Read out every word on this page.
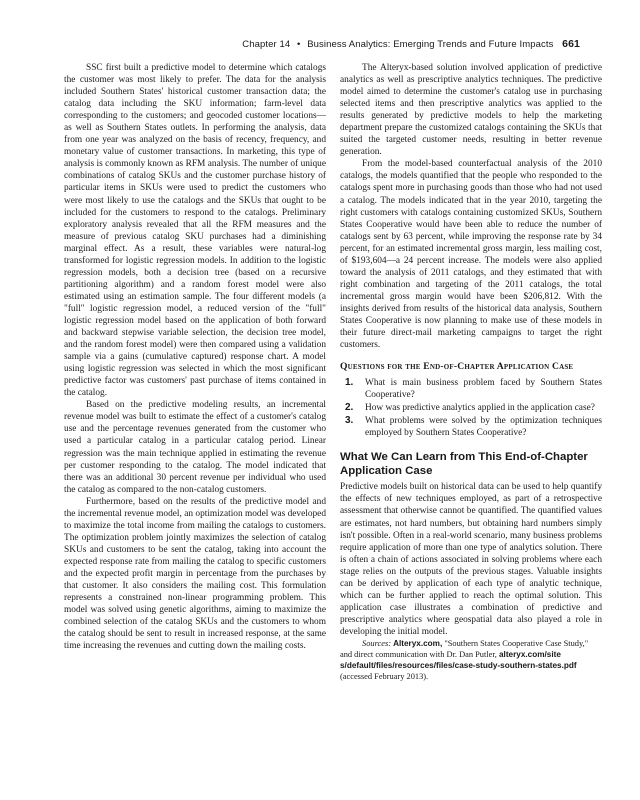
Chapter 14 • Business Analytics: Emerging Trends and Future Impacts 661

SSC first built a predictive model to determine which catalogs the customer was most likely to prefer. The data for the analysis included Southern States' historical customer transaction data; the catalog data including the SKU information; farm-level data corresponding to the customers; and geocoded customer locations—as well as Southern States outlets. In performing the analysis, data from one year was analyzed on the basis of recency, frequency, and monetary value of customer transactions. In marketing, this type of analysis is commonly known as RFM analysis. The number of unique combinations of catalog SKUs and the customer purchase history of particular items in SKUs were used to predict the customers who were most likely to use the catalogs and the SKUs that ought to be included for the customers to respond to the catalogs. Preliminary exploratory analysis revealed that all the RFM measures and the measure of previous catalog SKU purchases had a diminishing marginal effect. As a result, these variables were natural-log transformed for logistic regression models. In addition to the logistic regression models, both a decision tree (based on a recursive partitioning algorithm) and a random forest model were also estimated using an estimation sample. The four different models (a "full" logistic regression model, a reduced version of the "full" logistic regression model based on the application of both forward and backward stepwise variable selection, the decision tree model, and the random forest model) were then compared using a validation sample via a gains (cumulative captured) response chart. A model using logistic regression was selected in which the most significant predictive factor was customers' past purchase of items contained in the catalog.

Based on the predictive modeling results, an incremental revenue model was built to estimate the effect of a customer's catalog use and the percentage revenues generated from the customer who used a particular catalog in a particular catalog period. Linear regression was the main technique applied in estimating the revenue per customer responding to the catalog. The model indicated that there was an additional 30 percent revenue per individual who used the catalog as compared to the non-catalog customers.

Furthermore, based on the results of the predictive model and the incremental revenue model, an optimization model was developed to maximize the total income from mailing the catalogs to customers. The optimization problem jointly maximizes the selection of catalog SKUs and customers to be sent the catalog, taking into account the expected response rate from mailing the catalog to specific customers and the expected profit margin in percentage from the purchases by that customer. It also considers the mailing cost. This formulation represents a constrained non-linear programming problem. This model was solved using genetic algorithms, aiming to maximize the combined selection of the catalog SKUs and the customers to whom the catalog should be sent to result in increased response, at the same time increasing the revenues and cutting down the mailing costs.

The Alteryx-based solution involved application of predictive analytics as well as prescriptive analytics techniques. The predictive model aimed to determine the customer's catalog use in purchasing selected items and then prescriptive analytics was applied to the results generated by predictive models to help the marketing department prepare the customized catalogs containing the SKUs that suited the targeted customer needs, resulting in better revenue generation.

From the model-based counterfactual analysis of the 2010 catalogs, the models quantified that the people who responded to the catalogs spent more in purchasing goods than those who had not used a catalog. The models indicated that in the year 2010, targeting the right customers with catalogs containing customized SKUs, Southern States Cooperative would have been able to reduce the number of catalogs sent by 63 percent, while improving the response rate by 34 percent, for an estimated incremental gross margin, less mailing cost, of $193,604—a 24 percent increase. The models were also applied toward the analysis of 2011 catalogs, and they estimated that with right combination and targeting of the 2011 catalogs, the total incremental gross margin would have been $206,812. With the insights derived from results of the historical data analysis, Southern States Cooperative is now planning to make use of these models in their future direct-mail marketing campaigns to target the right customers.

Questions for the End-of-Chapter Application Case
1.	What is main business problem faced by Southern States Cooperative?
2.	How was predictive analytics applied in the application case?
3.	What problems were solved by the optimization techniques employed by Southern States Cooperative?
What We Can Learn from This End-of-Chapter Application Case

Predictive models built on historical data can be used to help quantify the effects of new techniques employed, as part of a retrospective assessment that otherwise cannot be quantified. The quantified values are estimates, not hard numbers, but obtaining hard numbers simply isn't possible. Often in a real-world scenario, many business problems require application of more than one type of analytics solution. There is often a chain of actions associated in solving problems where each stage relies on the outputs of the previous stages. Valuable insights can be derived by application of each type of analytic technique, which can be further applied to reach the optimal solution. This application case illustrates a combination of predictive and prescriptive analytics where geospatial data also played a role in developing the initial model.

Sources: Alteryx.com, "Southern States Cooperative Case Study," and direct communication with Dr. Dan Putler, alteryx.com/site s/default/files/resources/files/case-study-southern-states.pdf (accessed February 2013).
